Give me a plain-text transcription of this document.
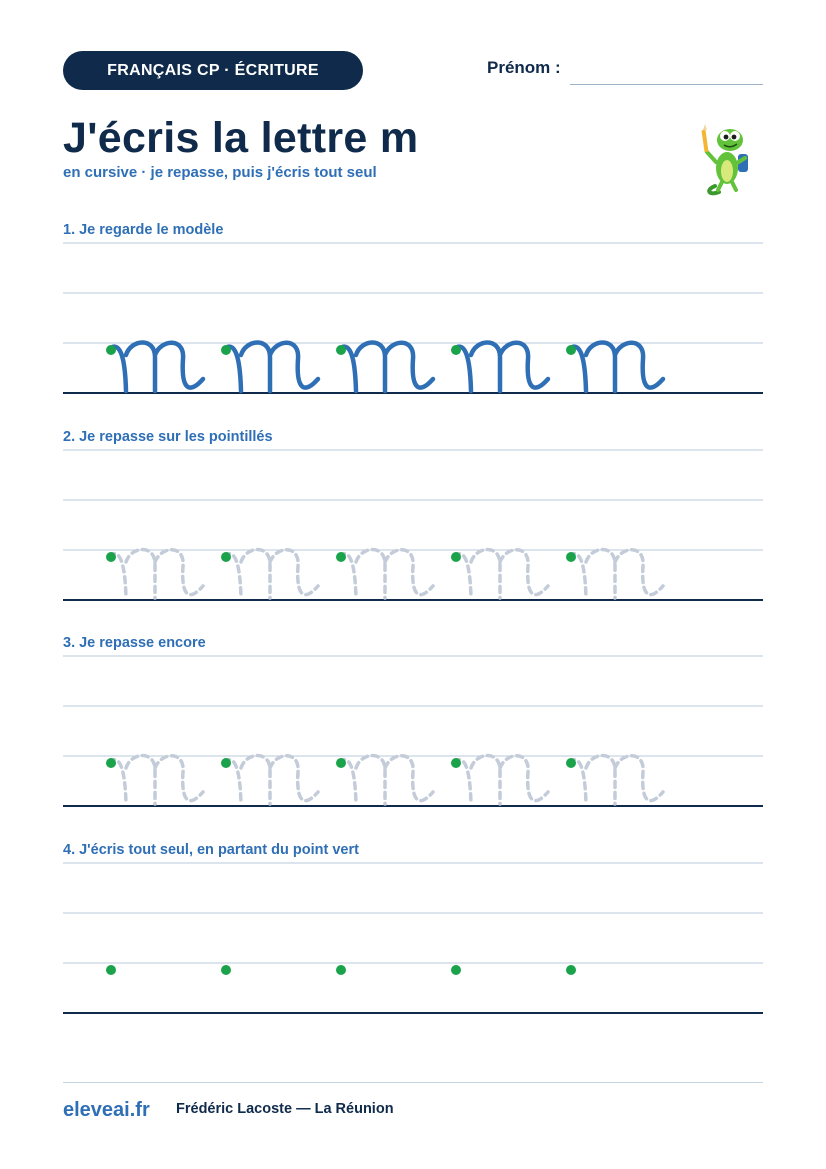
FRANÇAIS CP · ÉCRITURE	Prénom :
J'écris la lettre m
en cursive · je repasse, puis j'écris tout seul
1. Je regarde le modèle
2. Je repasse sur les pointillés
3. Je repasse encore
4. J'écris tout seul, en partant du point vert
eleveai.fr Frédéric Lacoste — La Réunion
